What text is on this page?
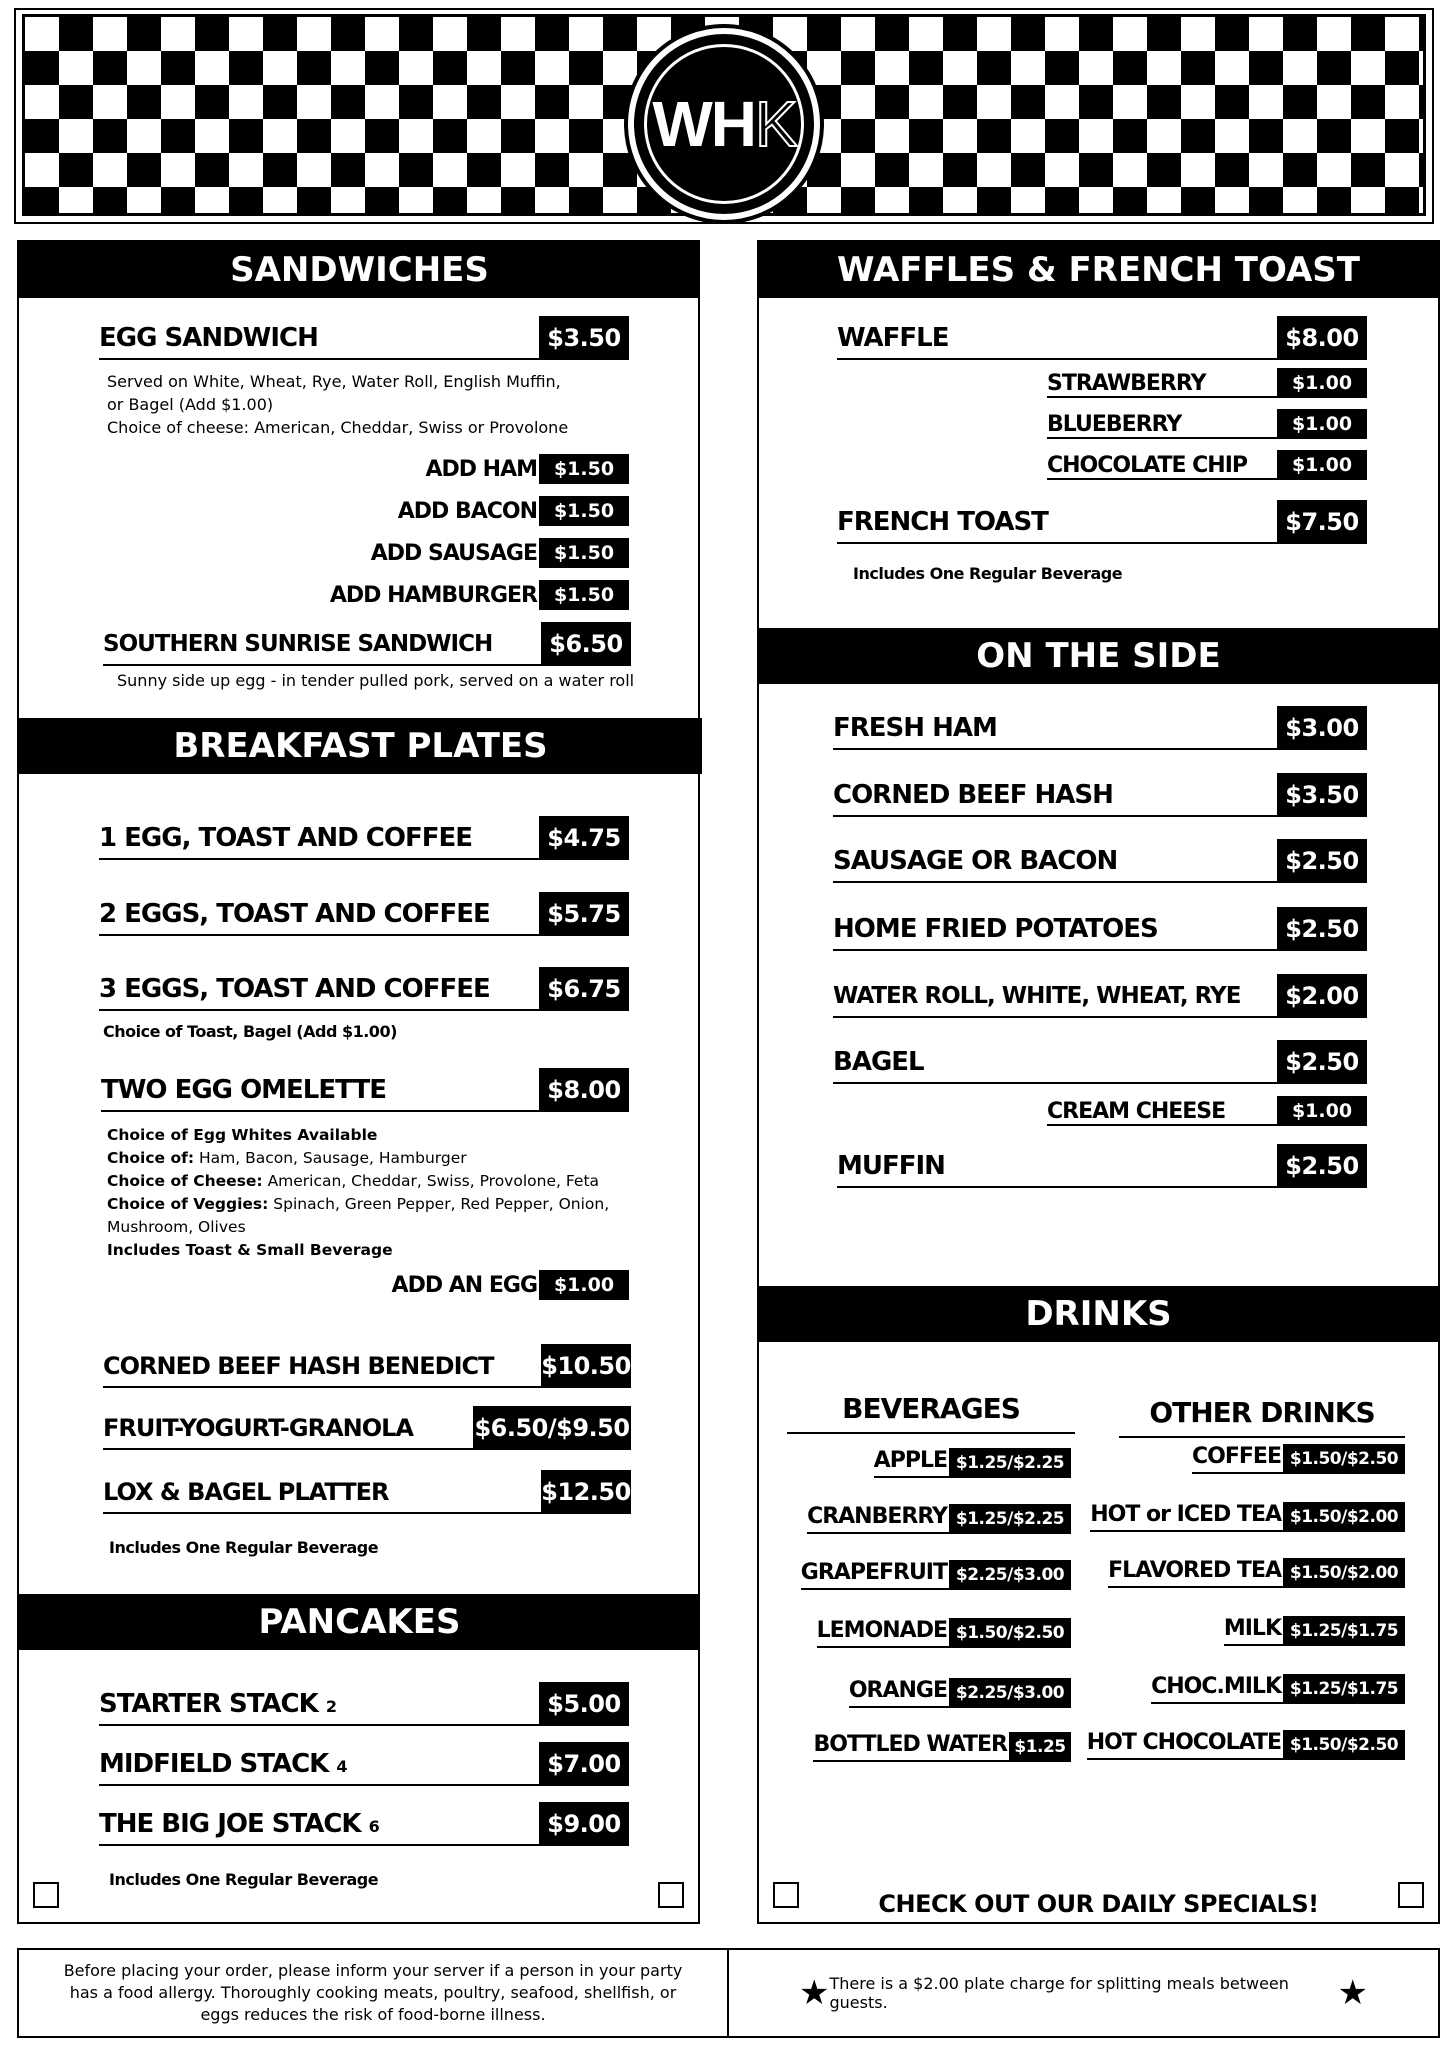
WHK
SANDWICHES
EGG SANDWICH	$3.50
Served on White, Wheat, Rye, Water Roll, English Muffin,
or Bagel (Add $1.00)
Choice of cheese: American, Cheddar, Swiss or Provolone
ADD HAM $1.50
ADD BACON $1.50
ADD SAUSAGE $1.50
ADD HAMBURGER $1.50
SOUTHERN SUNRISE SANDWICH	$6.50
Sunny side up egg - in tender pulled pork, served on a water roll
BREAKFAST PLATES
1 EGG, TOAST AND COFFEE	$4.75
2 EGGS, TOAST AND COFFEE	$5.75
3 EGGS, TOAST AND COFFEE	$6.75
Choice of Toast, Bagel (Add $1.00)
TWO EGG OMELETTE	$8.00
Choice of Egg Whites Available
Choice of: Ham, Bacon, Sausage, Hamburger
Choice of Cheese: American, Cheddar, Swiss, Provolone, Feta
Choice of Veggies: Spinach, Green Pepper, Red Pepper, Onion,
Mushroom, Olives
Includes Toast & Small Beverage
ADD AN EGG $1.00
CORNED BEEF HASH BENEDICT	$10.50
FRUIT-YOGURT-GRANOLA	$6.50/$9.50
LOX & BAGEL PLATTER	$12.50
Includes One Regular Beverage
PANCAKES
STARTER STACK 2	$5.00
MIDFIELD STACK 4	$7.00
THE BIG JOE STACK 6	$9.00
Includes One Regular Beverage
WAFFLES & FRENCH TOAST
WAFFLE	$8.00
STRAWBERRY	$1.00
BLUEBERRY	$1.00
CHOCOLATE CHIP	$1.00
FRENCH TOAST	$7.50
Includes One Regular Beverage
ON THE SIDE
FRESH HAM	$3.00
CORNED BEEF HASH	$3.50
SAUSAGE OR BACON	$2.50
HOME FRIED POTATOES	$2.50
WATER ROLL, WHITE, WHEAT, RYE	$2.00
BAGEL	$2.50
CREAM CHEESE	$1.00
MUFFIN	$2.50
DRINKS
BEVERAGES	OTHER DRINKS
APPLE $1.25/$2.25
CRANBERRY $1.25/$2.25
GRAPEFRUIT $2.25/$3.00
LEMONADE $1.50/$2.50
ORANGE $2.25/$3.00
BOTTLED WATER $1.25
COFFEE $1.50/$2.50
HOT or ICED TEA $1.50/$2.00
FLAVORED TEA $1.50/$2.00
MILK $1.25/$1.75
CHOC.MILK $1.25/$1.75
HOT CHOCOLATE $1.50/$2.50
CHECK OUT OUR DAILY SPECIALS!
Before placing your order, please inform your server if a person in your party has a food allergy. Thoroughly cooking meats, poultry, seafood, shellfish, or eggs reduces the risk of food-borne illness.
★ There is a $2.00 plate charge for splitting meals between guests.	★
